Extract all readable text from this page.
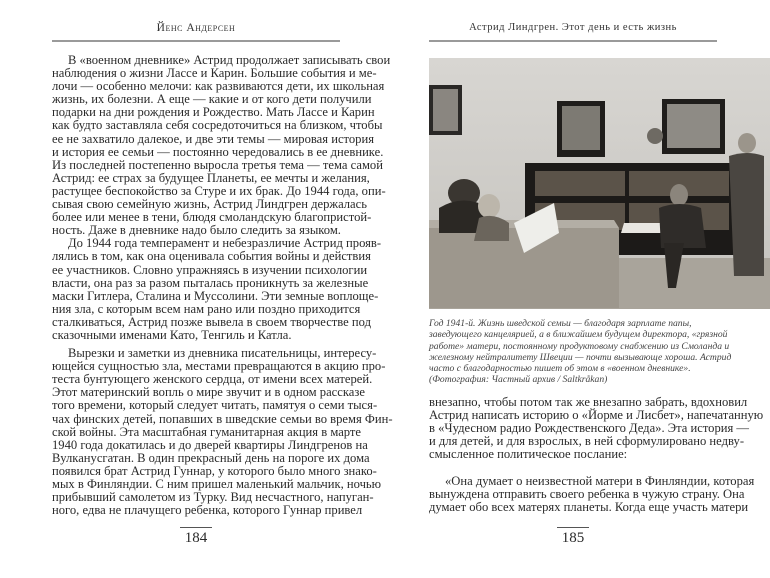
Йенс Андерсен
В «военном дневнике» Астрид продолжает записывать свои
наблюдения о жизни Лассе и Карин. Большие события и ме-
лочи — особенно мелочи: как развиваются дети, их школьная
жизнь, их болезни. А еще — какие и от кого дети получили
подарки на дни рождения и Рождество. Мать Лассе и Карин
как будто заставляла себя сосредоточиться на близком, чтобы
ее не захватило далекое, и две эти темы — мировая история
и история ее семьи — постоянно чередовались в ее дневнике.
Из последней постепенно выросла третья тема — тема самой
Астрид: ее страх за будущее Планеты, ее мечты и желания,
растущее беспокойство за Стуре и их брак. До 1944 года, опи-
сывая свою семейную жизнь, Астрид Линдгрен держалась
более или менее в тени, блюдя смоландскую благопристой-
ность. Даже в дневнике надо было следить за языком.
До 1944 года темперамент и небезразличие Астрид прояв-
лялись в том, как она оценивала события войны и действия
ее участников. Словно упражняясь в изучении психологии
власти, она раз за разом пыталась проникнуть за железные
маски Гитлера, Сталина и Муссолини. Эти земные воплоще-
ния зла, с которым всем нам рано или поздно приходится
сталкиваться, Астрид позже вывела в своем творчестве под
сказочными именами Като, Тенгиль и Катла.
Вырезки и заметки из дневника писательницы, интересу-
ющейся сущностью зла, местами превращаются в акцию про-
теста бунтующего женского сердца, от имени всех матерей.
Этот материнский вопль о мире звучит и в одном рассказе
того времени, который следует читать, памятуя о семи тыся-
чах финских детей, попавших в шведские семьи во время Фин-
ской войны. Эта масштабная гуманитарная акция в марте
1940 года докатилась и до дверей квартиры Линдгренов на
Вулканусгатан. В один прекрасный день на пороге их дома
появился брат Астрид Гуннар, у которого было много знако-
мых в Финляндии. С ним пришел маленький мальчик, ночью
прибывший самолетом из Турку. Вид несчастного, напуган-
ного, едва не плачущего ребенка, которого Гуннар привел
184
Астрид Линдгрен. Этот день и есть жизнь
Год 1941-й. Жизнь шведской семьи — благодаря зарплате папы,
заведующего канцелярией, а в ближайшем будущем директора, «грязной
работе» матери, постоянному продуктовому снабжению из Смоланда и
железному нейтралитету Швеции — почти вызывающе хороша. Астрид
часто с благодарностью пишет об этом в «военном дневнике».
(Фотография: Частный архив / Saltkråkan)
внезапно, чтобы потом так же внезапно забрать, вдохновил
Астрид написать историю о «Йорме и Лисбет», напечатанную
в «Чудесном радио Рождественского Деда». Эта история —
и для детей, и для взрослых, в ней сформулировано недву-
смысленное политическое послание:
«Она думает о неизвестной матери в Финляндии, которая
вынуждена отправить своего ребенка в чужую страну. Она
думает обо всех матерях планеты. Когда еще участь матери
185
